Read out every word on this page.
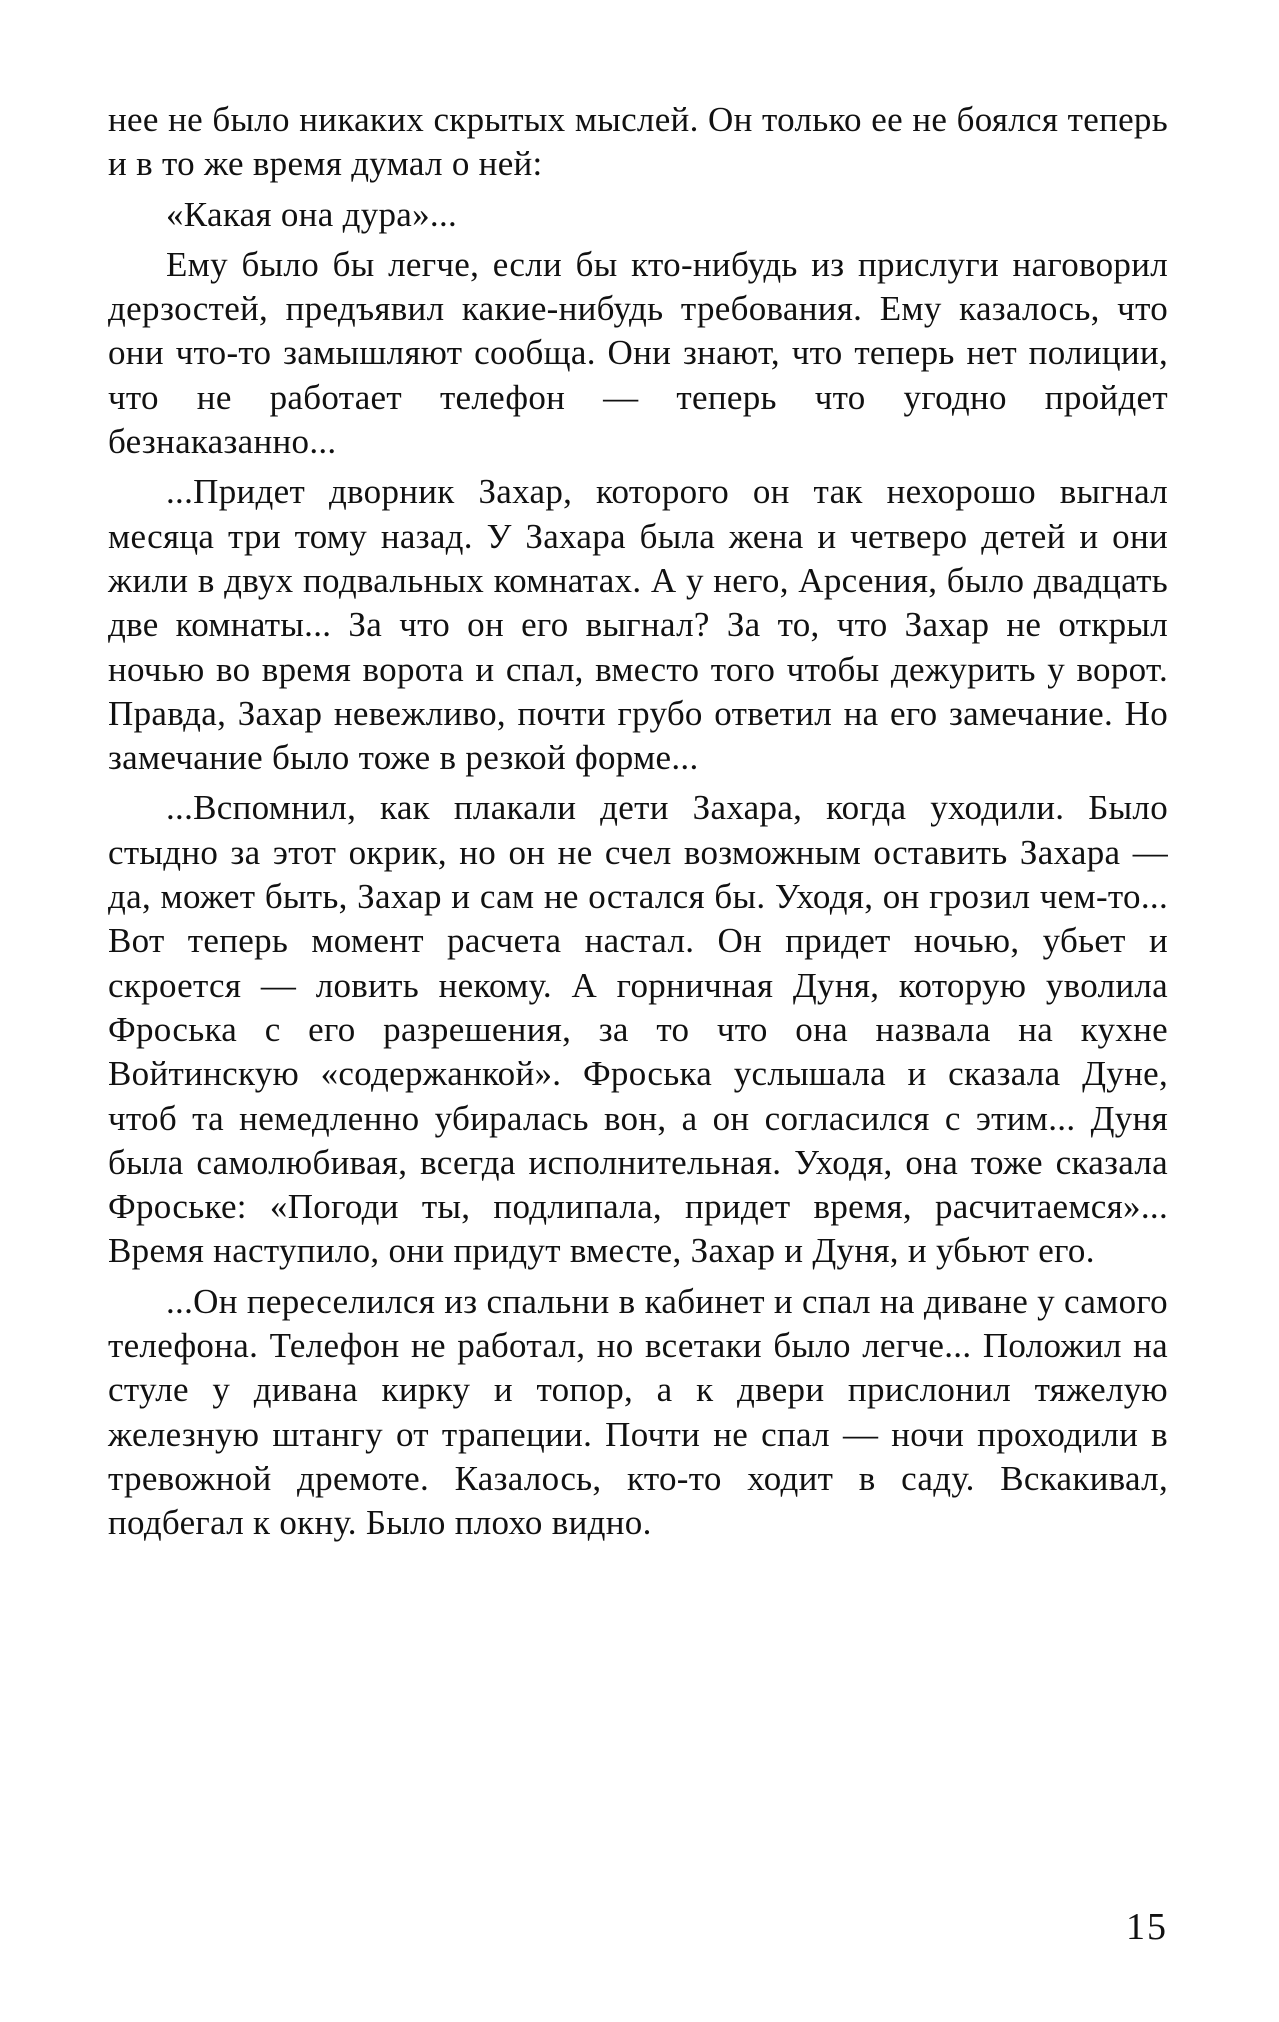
нее не было никаких скрытых мыслей. Он только ее не боялся теперь и в то же время думал о ней:

«Какая она дура»...

Ему было бы легче, если бы кто-нибудь из прислуги наговорил дерзостей, предъявил какие-нибудь требования. Ему казалось, что они что-то замышляют сообща. Они знают, что теперь нет полиции, что не работает телефон — теперь что угодно пройдет безнаказанно...

...Придет дворник Захар, которого он так нехорошо выгнал месяца три тому назад. У Захара была жена и четверо детей и они жили в двух подвальных комнатах. А у него, Арсения, было двадцать две комнаты... За что он его выгнал? За то, что Захар не открыл ночью во время ворота и спал, вместо того чтобы дежурить у ворот. Правда, Захар невежливо, почти грубо ответил на его замечание. Но замечание было тоже в резкой форме...

...Вспомнил, как плакали дети Захара, когда уходили. Было стыдно за этот окрик, но он не счел возможным оставить Захара — да, может быть, Захар и сам не остался бы. Уходя, он грозил чем-то... Вот теперь момент расчета настал. Он придет ночью, убьет и скроется — ловить некому. А горничная Дуня, которую уволила Фроська с его разрешения, за то что она назвала на кухне Войтинскую «содержанкой». Фроська услышала и сказала Дуне, чтоб та немедленно убиралась вон, а он согласился с этим... Дуня была самолюбивая, всегда исполнительная. Уходя, она тоже сказала Фроське: «Погоди ты, подлипала, придет время, расчитаемся»... Время наступило, они придут вместе, Захар и Дуня, и убьют его.

...Он переселился из спальни в кабинет и спал на диване у самого телефона. Телефон не работал, но всетаки было легче... Положил на стуле у дивана кирку и топор, а к двери прислонил тяжелую железную штангу от трапеции. Почти не спал — ночи проходили в тревожной дремоте. Казалось, кто-то ходит в саду. Вскакивал, подбегал к окну. Было плохо видно.

15
